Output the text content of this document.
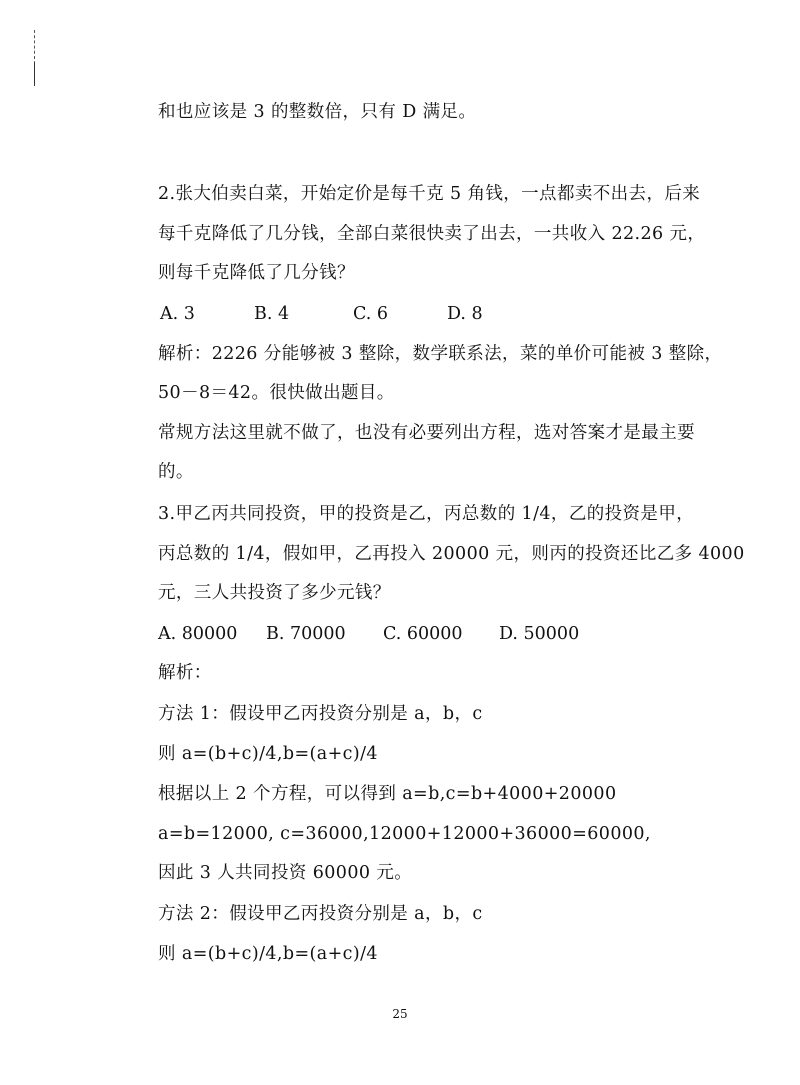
和也应该是 3 的整数倍，只有 D 满足。
2.张大伯卖白菜，开始定价是每千克 5 角钱，一点都卖不出去，后来
每千克降低了几分钱，全部白菜很快卖了出去，一共收入 22.26 元，
则每千克降低了几分钱？
A. 3	B. 4	C. 6	D. 8
解析：2226 分能够被 3 整除，数学联系法，菜的单价可能被 3 整除，
50－8＝42。很快做出题目。
常规方法这里就不做了，也没有必要列出方程，选对答案才是最主要
的。
3.甲乙丙共同投资，甲的投资是乙，丙总数的 1/4，乙的投资是甲，
丙总数的 1/4，假如甲，乙再投入 20000 元，则丙的投资还比乙多 4000
元，三人共投资了多少元钱？
A. 80000 B. 70000 C. 60000 D. 50000
解析：
方法 1：假设甲乙丙投资分别是 a，b，c
则 a=(b+c)/4,b=(a+c)/4
根据以上 2 个方程，可以得到 a=b,c=b+4000+20000
a=b=12000, c=36000,12000+12000+36000=60000,
因此 3 人共同投资 60000 元。
方法 2：假设甲乙丙投资分别是 a，b，c
则 a=(b+c)/4,b=(a+c)/4
25
